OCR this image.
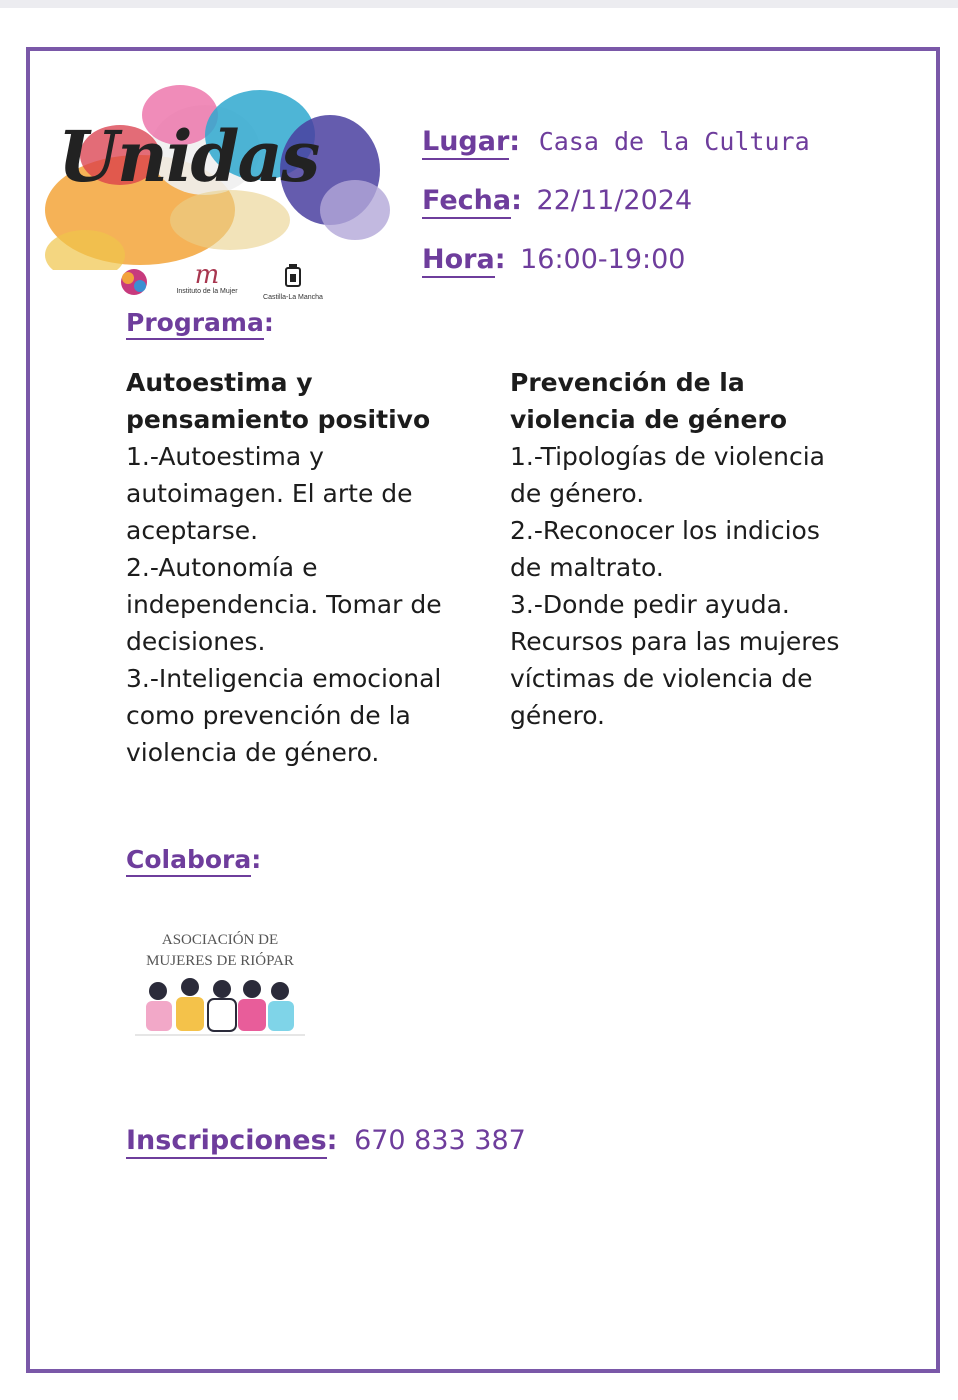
Unidas
m
Instituto de la Mujer
Castilla-La Mancha
Lugar: Casa de la Cultura
Fecha: 22/11/2024
Hora: 16:00-19:00
Programa:
Autoestima y
pensamiento positivo
1.-Autoestima y
autoimagen. El arte de
aceptarse.
2.-Autonomía e
independencia. Tomar de
decisiones.
3.-Inteligencia emocional
como prevención de la
violencia de género.
Prevención de la
violencia de género
1.-Tipologías de violencia
de género.
2.-Reconocer los indicios
de maltrato.
3.-Donde pedir ayuda.
Recursos para las mujeres
víctimas de violencia de
género.
Colabora:
ASOCIACIÓN DE
MUJERES DE RIÓPAR
Inscripciones: 670 833 387
